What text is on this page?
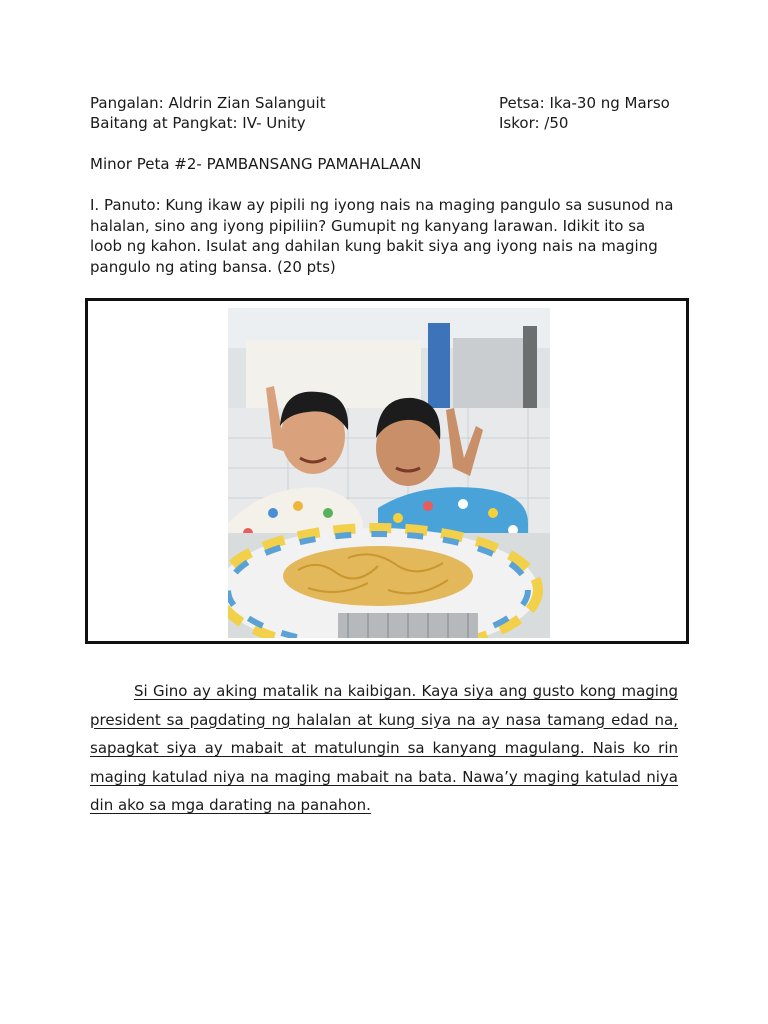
Pangalan: Aldrin Zian Salanguit
Baitang at Pangkat: IV- Unity
Petsa: Ika-30 ng Marso
Iskor: /50
Minor Peta #2- PAMBANSANG PAMAHALAAN
I. Panuto: Kung ikaw ay pipili ng iyong nais na maging pangulo sa susunod na halalan, sino ang iyong pipiliin? Gumupit ng kanyang larawan. Idikit ito sa loob ng kahon. Isulat ang dahilan kung bakit siya ang iyong nais na maging pangulo ng ating bansa. (20 pts)
Si Gino ay aking matalik na kaibigan. Kaya siya ang gusto kong maging president sa pagdating ng halalan at kung siya na ay nasa tamang edad na, sapagkat siya ay mabait at matulungin sa kanyang magulang. Nais ko rin maging katulad niya na maging mabait na bata. Nawa’y maging katulad niya din ako sa mga darating na panahon.
